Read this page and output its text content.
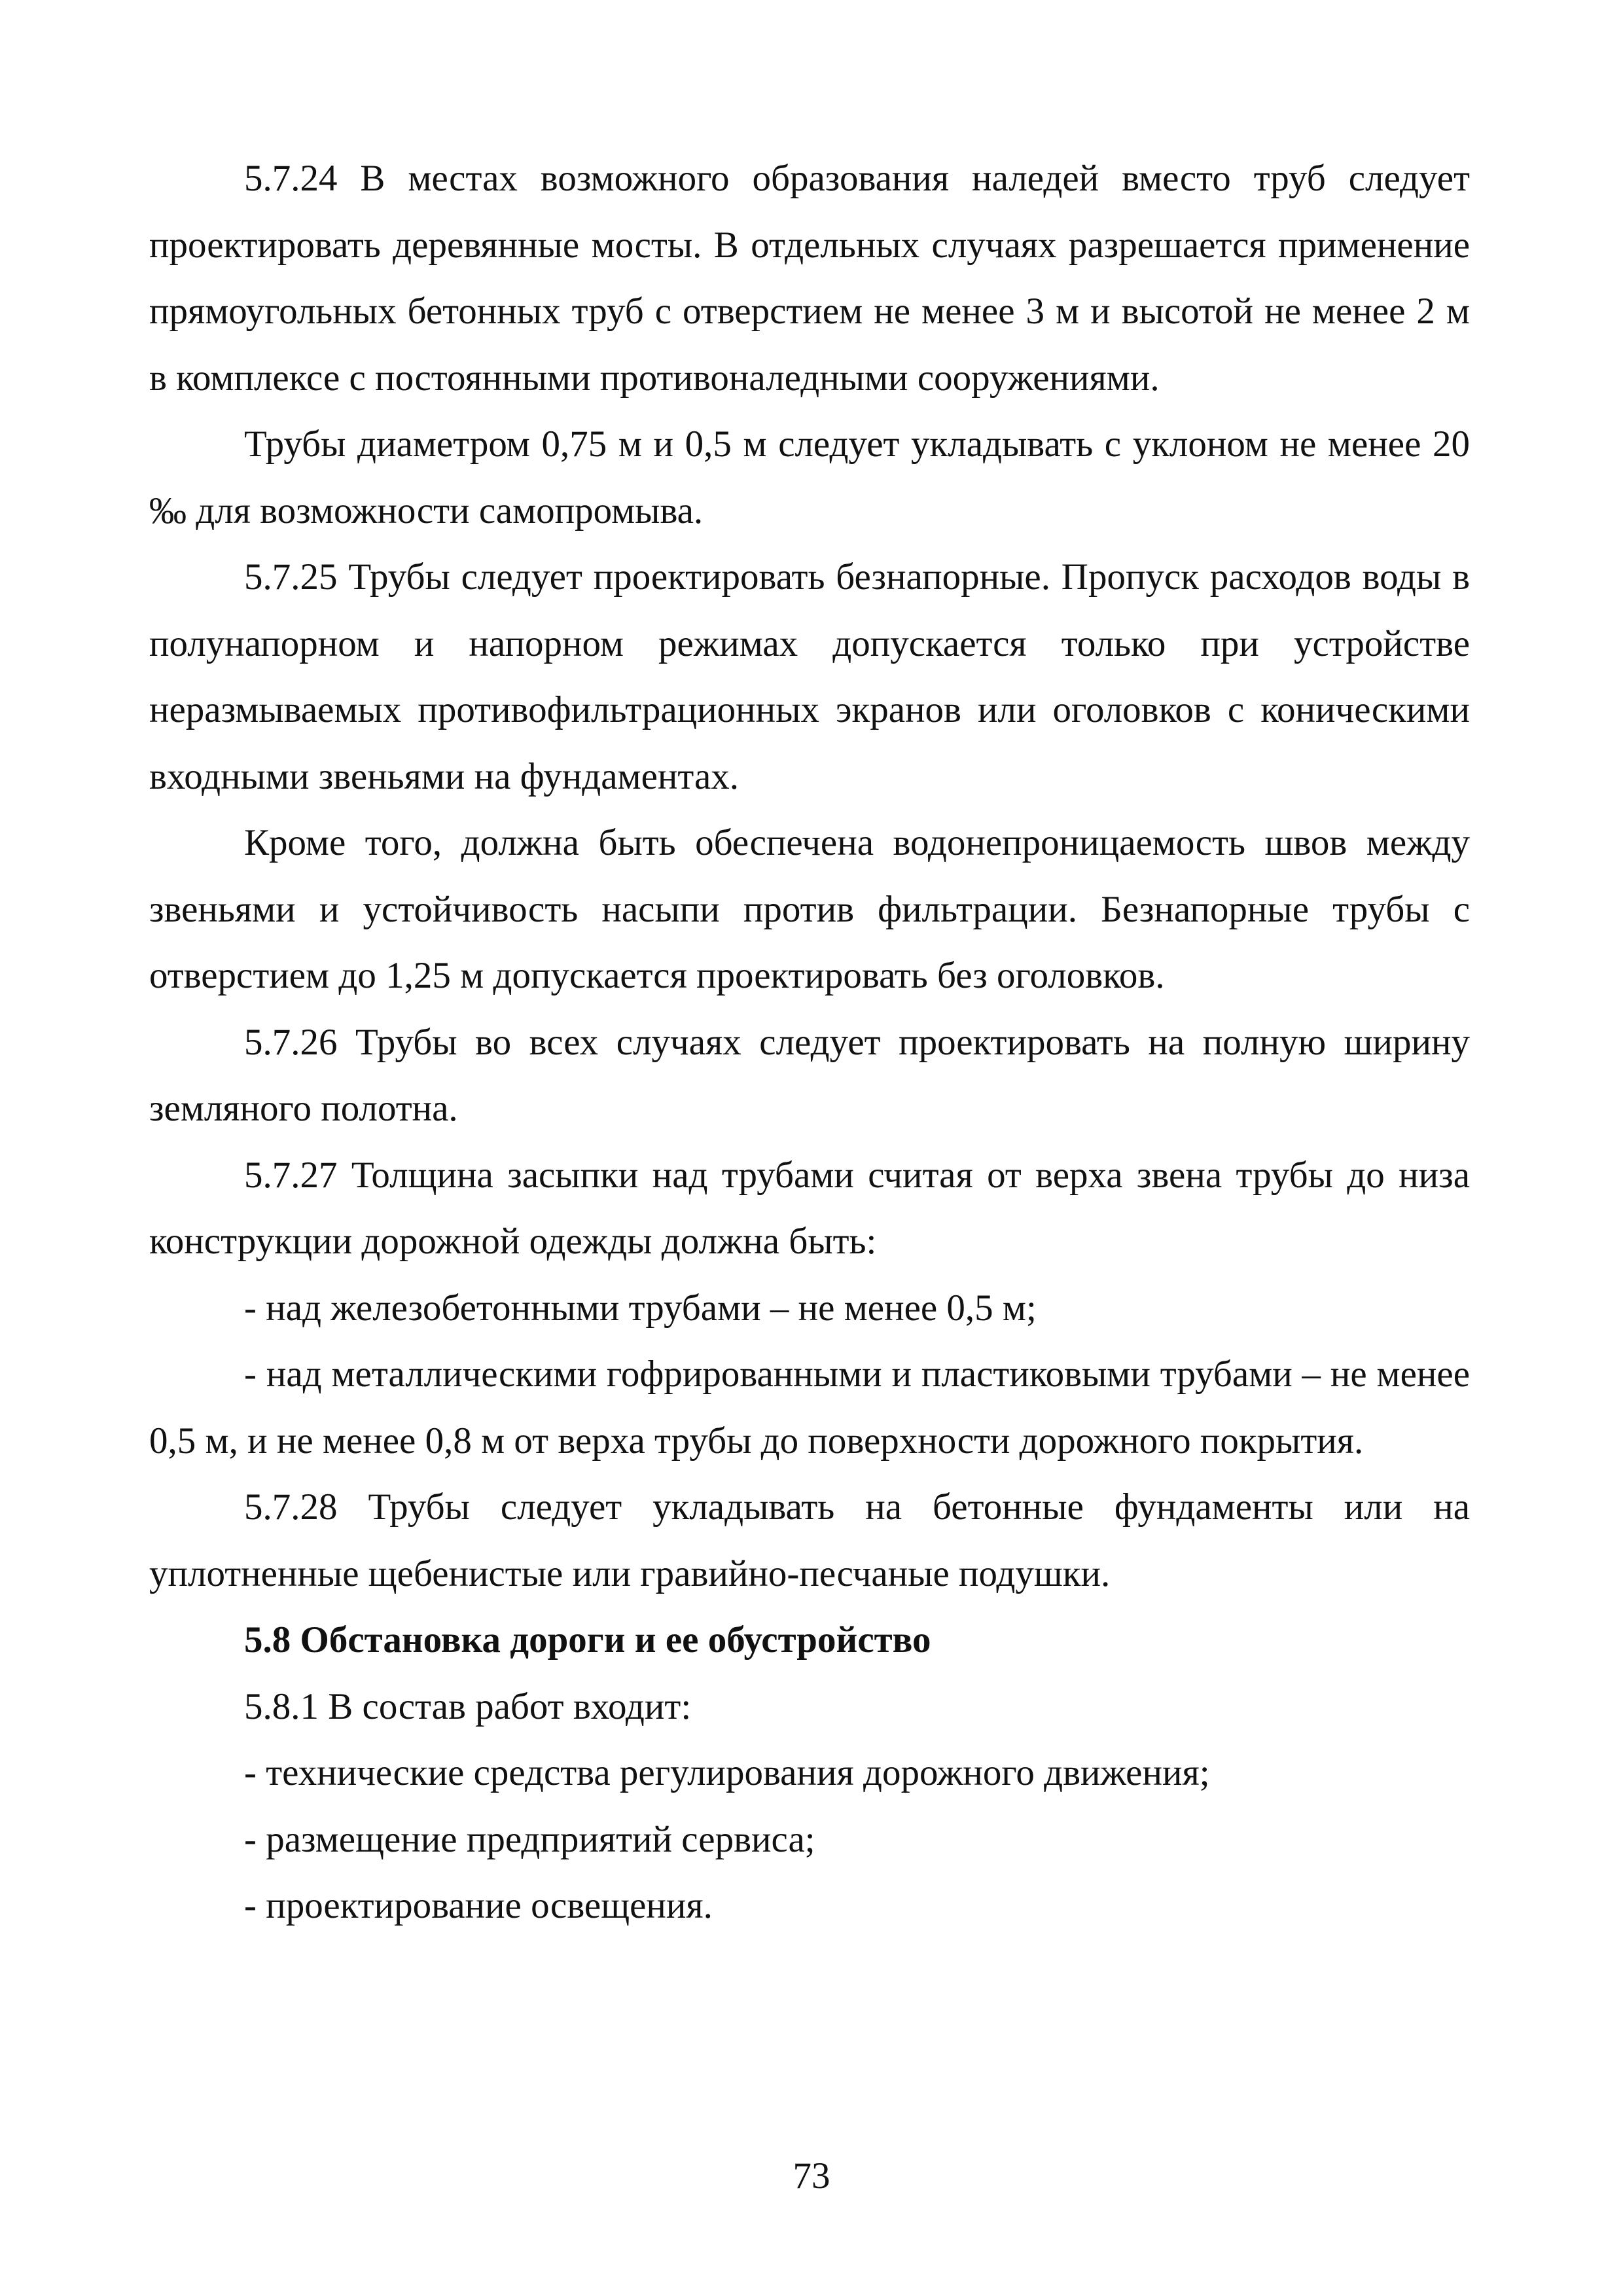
5.7.24 В местах возможного образования наледей вместо труб следует проектировать деревянные мосты. В отдельных случаях разрешается применение прямоугольных бетонных труб с отверстием не менее 3 м и высотой не менее 2 м в комплексе с постоянными противоналедными сооружениями.

Трубы диаметром 0,75 м и 0,5 м следует укладывать с уклоном не менее 20 ‰ для возможности самопромыва.

5.7.25 Трубы следует проектировать безнапорные. Пропуск расходов воды в полунапорном и напорном режимах допускается только при устройстве неразмываемых противофильтрационных экранов или оголовков с коническими входными звеньями на фундаментах.

Кроме того, должна быть обеспечена водонепроницаемость швов между звеньями и устойчивость насыпи против фильтрации. Безнапорные трубы с отверстием до 1,25 м допускается проектировать без оголовков.

5.7.26 Трубы во всех случаях следует проектировать на полную ширину земляного полотна.

5.7.27 Толщина засыпки над трубами считая от верха звена трубы до низа конструкции дорожной одежды должна быть:

- над железобетонными трубами – не менее 0,5 м;

- над металлическими гофрированными и пластиковыми трубами – не менее 0,5 м, и не менее 0,8 м от верха трубы до поверхности дорожного покрытия.

5.7.28 Трубы следует укладывать на бетонные фундаменты или на уплотненные щебенистые или гравийно-песчаные подушки.

5.8 Обстановка дороги и ее обустройство

5.8.1 В состав работ входит:

- технические средства регулирования дорожного движения;

- размещение предприятий сервиса;

- проектирование освещения.

73
